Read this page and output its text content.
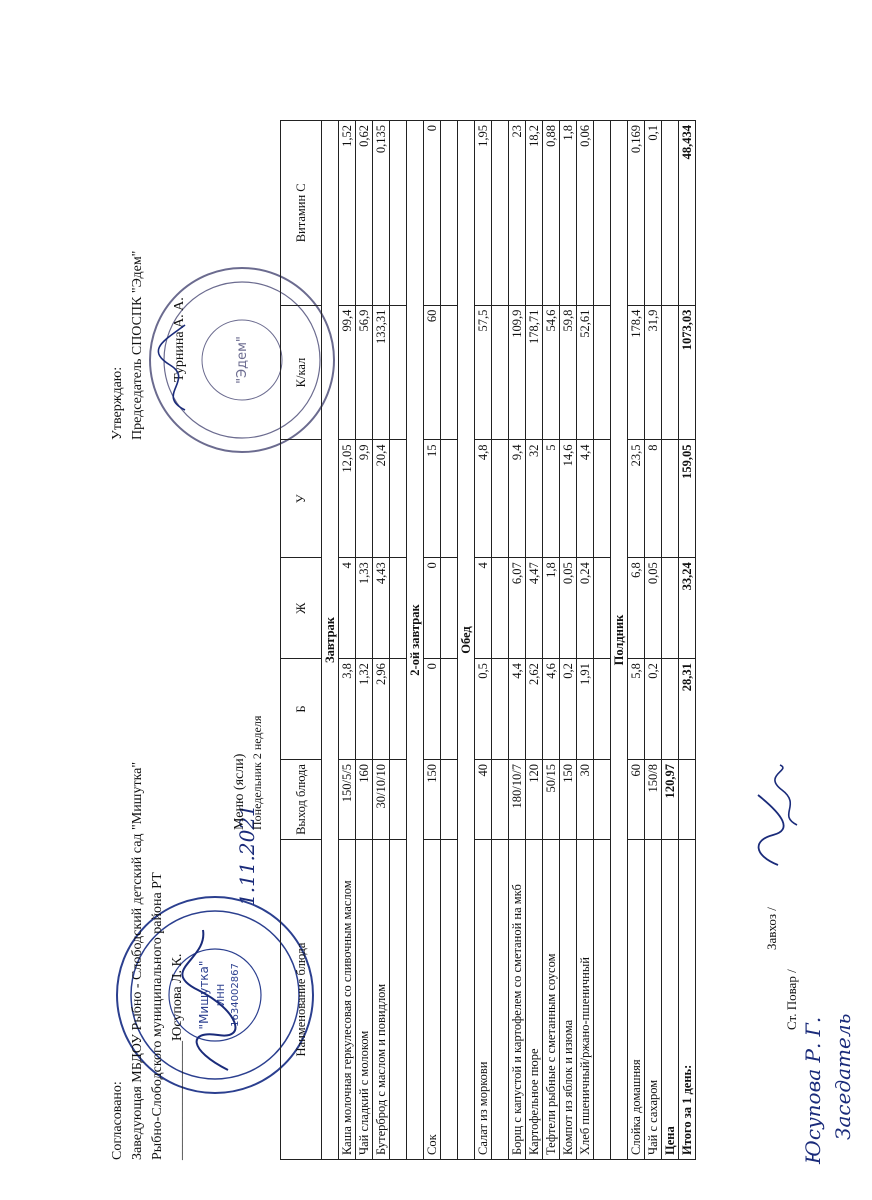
"Мишутка" ИНН 1634002867
"Эдем"
Согласовано: Заведующая МБДОУ Рыбно - Слободский детский сад "Мишутка" Рыбно-Слободского муниципального района РТ _________________Юсупова Л. К.
Утверждаю: Председатель СПОСПК "Эдем" Турнина А. А.
1.11.2021
Меню (ясли) Понедельник 2 неделя
Наименование блюда	Выход блюда	Б	Ж	У	К/кал	Витамин С
Завтрак						
Каша молочная геркулесовая со сливочным маслом	150/5/5	3,8	4	12,05	99,4	1,52
Чай сладкий с молоком	160	1,32	1,33	9,9	56,9	0,62
Бутерброд с маслом и повидлом	30/10/10	2,96	4,43	20,4	133,31	0,135

2-ой завтрак						
Сок	150	0	0	15	60	0

Обед						
Салат из моркови	40	0,5	4	4,8	57,5	1,95

Борщ с капустой и картофелем со сметаной на мкб	180/10/7	4,4	6,07	9,4	109,9	23
Картофельное пюре	120	2,62	4,47	32	178,71	18,2
Тефтели рыбные с сметанным соусом	50/15	4,6	1,8	5	54,6	0,88
Компот из яблок и изюма	150	0,2	0,05	14,6	59,8	1,8
Хлеб пшеничный/ржано-пшеничный	30	1,91	0,24	4,4	52,61	0,06

Полдник						
Слойка домашняя	60	5,8	6,8	23,5	178,4	0,169
Чай с сахаром	150/8	0,2	0,05	8	31,9	0,1
Цена	120,97					
Итого за 1 день:		28,31	33,24	159,05	1073,03	48,434
Завхоз /
Ст. Повар /
Юсупова Р. Г. Заседатель
